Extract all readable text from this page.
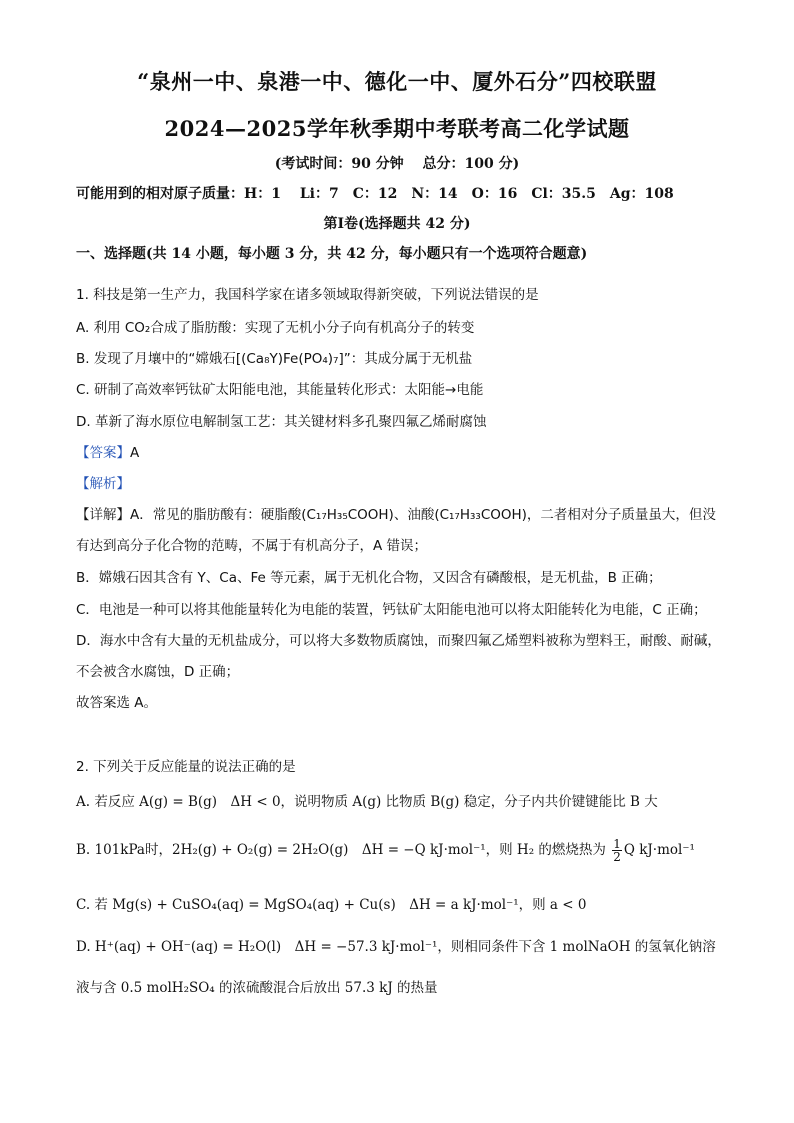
“泉州一中、泉港一中、德化一中、厦外石分”四校联盟
2024—2025学年秋季期中考联考高二化学试题
(考试时间：90 分钟　 总分：100 分)
可能用到的相对原子质量：H：1　 Li：7　C：12　N：14　O：16　Cl：35.5　Ag：108
第Ⅰ卷(选择题共 42 分)
一、选择题(共 14 小题，每小题 3 分，共 42 分，每小题只有一个选项符合题意)
1. 科技是第一生产力，我国科学家在诸多领域取得新突破，下列说法错误的是
A. 利用 CO₂合成了脂肪酸：实现了无机小分子向有机高分子的转变
B. 发现了月壤中的“嫦娥石[(Ca₈Y)Fe(PO₄)₇]”：其成分属于无机盐
C. 研制了高效率钙钛矿太阳能电池，其能量转化形式：太阳能→电能
D. 革新了海水原位电解制氢工艺：其关键材料多孔聚四氟乙烯耐腐蚀
【答案】A
【解析】
【详解】A．常见的脂肪酸有：硬脂酸(C₁₇H₃₅COOH)、油酸(C₁₇H₃₃COOH)，二者相对分子质量虽大，但没
有达到高分子化合物的范畴，不属于有机高分子，A 错误；
B．嫦娥石因其含有 Y、Ca、Fe 等元素，属于无机化合物，又因含有磷酸根，是无机盐，B 正确；
C．电池是一种可以将其他能量转化为电能的装置，钙钛矿太阳能电池可以将太阳能转化为电能，C 正确；
D．海水中含有大量的无机盐成分，可以将大多数物质腐蚀，而聚四氟乙烯塑料被称为塑料王，耐酸、耐碱，
不会被含水腐蚀，D 正确；
故答案选 A。
2. 下列关于反应能量的说法正确的是
A. 若反应 A(g) = B(g)　ΔH < 0，说明物质 A(g) 比物质 B(g) 稳定，分子内共价键键能比 B 大
B. 101kPa时，2H₂(g) + O₂(g) = 2H₂O(g)　ΔH = −Q kJ·mol⁻¹，则 H₂ 的燃烧热为 $\frac{1}{2}$ Q kJ·mol⁻¹
C. 若 Mg(s) + CuSO₄(aq) = MgSO₄(aq) + Cu(s)　ΔH = a kJ·mol⁻¹，则 a < 0
D. H⁺(aq) + OH⁻(aq) = H₂O(l)　ΔH = −57.3 kJ·mol⁻¹，则相同条件下含 1 molNaOH 的氢氧化钠溶
液与含 0.5 molH₂SO₄ 的浓硫酸混合后放出 57.3 kJ 的热量
